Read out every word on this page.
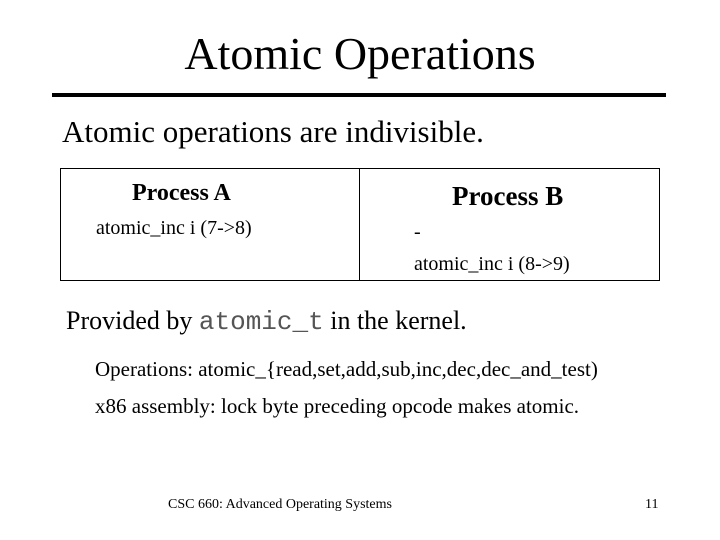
Atomic Operations
Atomic operations are indivisible.
Process A
atomic_inc i (7->8)
Process B
-
atomic_inc i (8->9)
Provided by atomic_t in the kernel.
Operations: atomic_{read,set,add,sub,inc,dec,dec_and_test)
x86 assembly: lock byte preceding opcode makes atomic.
CSC 660: Advanced Operating Systems	11
